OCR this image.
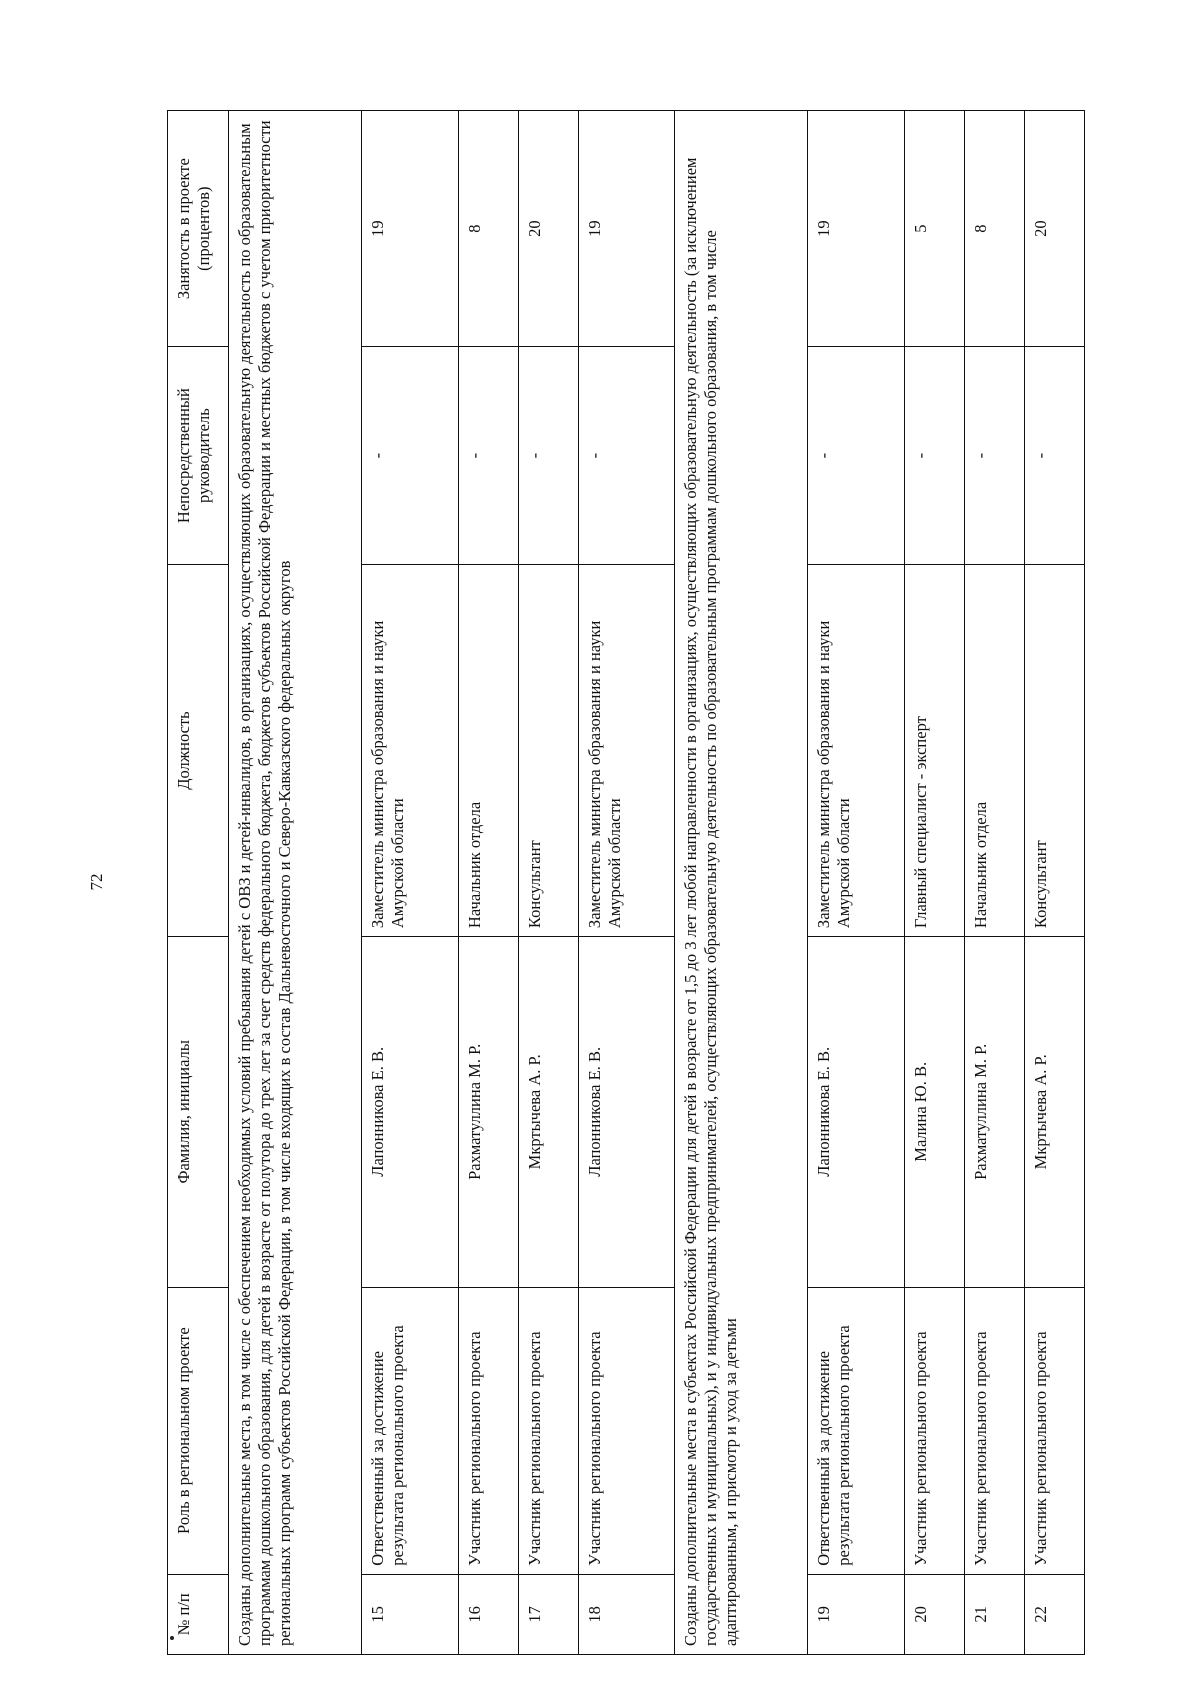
72
№ п/п	Роль в региональном проекте	Фамилия, инициалы	Должность	Непосредственный руководитель	Занятость в проекте (процентов)
Созданы дополнительные места, в том числе с обеспечением необходимых условий пребывания детей с ОВЗ и детей-инвалидов, в организациях, осуществляющих образовательную деятельность по образовательным программам дошкольного образования, для детей в возрасте от полутора до трех лет за счет средств федерального бюджета, бюджетов субъектов Российской Федерации и местных бюджетов с учетом приоритетности региональных программ субъектов Российской Федерации, в том числе входящих в состав Дальневосточного и Северо-Кавказского федеральных округов					
15	Ответственный за достижение результата регионального проекта	Лапонникова Е. В.	Заместитель министра образования и науки Амурской области	-	19
16	Участник регионального проекта	Рахматуллина М. Р.	Начальник отдела	-	8
17	Участник регионального проекта	Мкртычева А. Р.	Консультант	-	20
18	Участник регионального проекта	Лапонникова Е. В.	Заместитель министра образования и науки Амурской области	-	19
Созданы дополнительные места в субъектах Российской Федерации для детей в возрасте от 1,5 до 3 лет любой направленности в организациях, осуществляющих образовательную деятельность (за исключением государственных и муниципальных), и у индивидуальных предпринимателей, осуществляющих образовательную деятельность по образовательным программам дошкольного образования, в том числе адаптированным, и присмотр и уход за детьми					
19	Ответственный за достижение результата регионального проекта	Лапонникова Е. В.	Заместитель министра образования и науки Амурской области	-	19
20	Участник регионального проекта	Малина Ю. В.	Главный специалист - эксперт	-	5
21	Участник регионального проекта	Рахматуллина М. Р.	Начальник отдела	-	8
22	Участник регионального проекта	Мкртычева А. Р.	Консультант	-	20
